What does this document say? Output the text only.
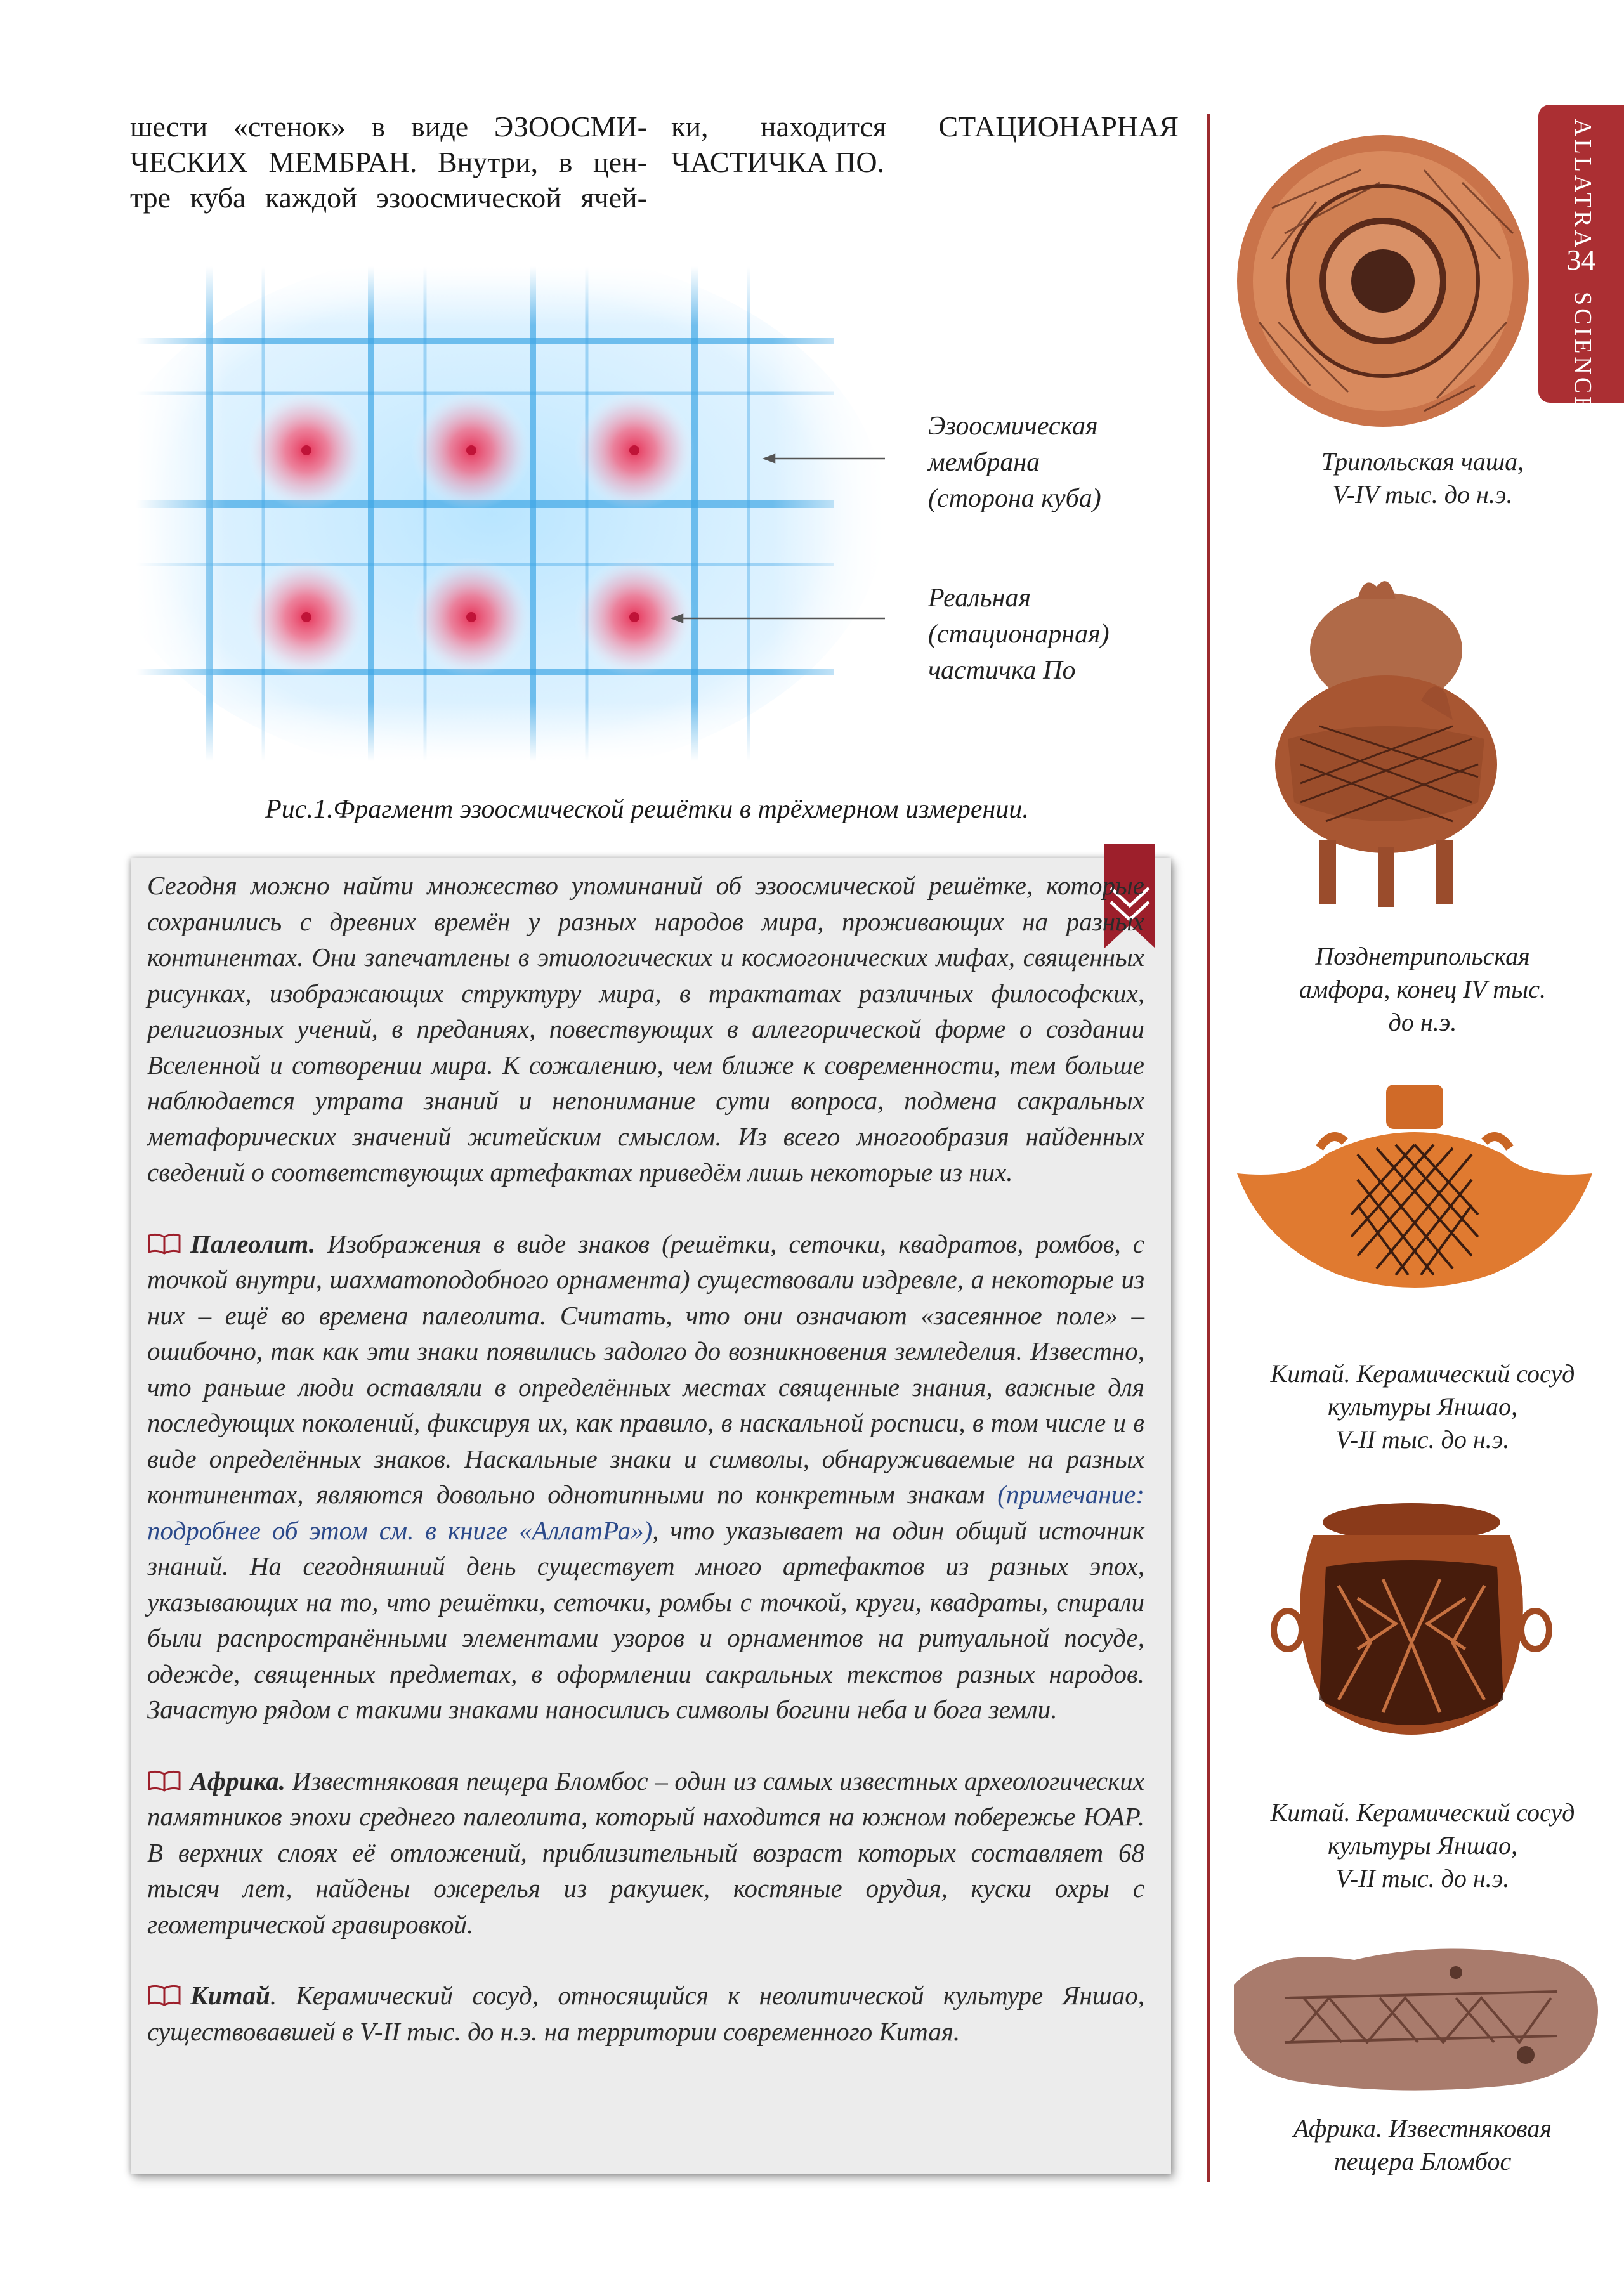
шести «стенок» в виде ЭЗООСМИ-
ЧЕСКИХ МЕМБРАН. Внутри, в цен-
тре куба каждой эзоосмической ячей-
ки, находится СТАЦИОНАРНАЯ
ЧАСТИЧКА ПО.
Эзоосмическая
мембрана
(сторона куба)
Реальная
(стационарная)
частичка По
Рис.1.Фрагмент эзоосмической решётки в трёхмерном измерении.
ALLATRA
SCIENCE
34

Сегодня можно найти множество упоминаний об эзоосмической решётке, которые сохранились с древних времён у разных народов мира, проживающих на разных континентах. Они запечатлены в этиологических и космогонических мифах, священных рисунках, изображающих структуру мира, в трактатах различных философских, религиозных учений, в преданиях, повествующих в аллегорической форме о создании Вселенной и сотворении мира. К сожалению, чем ближе к современности, тем больше наблюдается утрата знаний и непонимание сути вопроса, подмена сакральных метафорических значений житейским смыслом. Из всего многообразия найденных сведений о соответствующих артефактах приведём лишь некоторые из них.

Палеолит. Изображения в виде знаков (решётки, сеточки, квадратов, ромбов, с точкой внутри, шахматоподобного орнамента) существовали издревле, а некоторые из них – ещё во времена палеолита. Считать, что они означают «засеянное поле» – ошибочно, так как эти знаки появились задолго до возникновения земледелия. Известно, что раньше люди оставляли в определённых местах священные знания, важные для последующих поколений, фиксируя их, как правило, в наскальной росписи, в том числе и в виде определённых знаков. Наскальные знаки и символы, обнаруживаемые на разных континентах, являются довольно однотипными по конкретным знакам (примечание: подробнее об этом см. в книге «АллатРа»), что указывает на один общий источник знаний. На сегодняшний день существует много артефактов из разных эпох, указывающих на то, что решётки, сеточки, ромбы с точкой, круги, квадраты, спирали были распространёнными элементами узоров и орнаментов на ритуальной посуде, одежде, священных предметах, в оформлении сакральных текстов разных народов. Зачастую рядом с такими знаками наносились символы богини неба и бога земли.

Африка. Известняковая пещера Бломбос – один из самых известных археологических памятников эпохи среднего палеолита, который находится на южном побережье ЮАР. В верхних слоях её отложений, приблизительный возраст которых составляет 68 тысяч лет, найдены ожерелья из ракушек, костяные орудия, куски охры с геометрической гравировкой.

Китай. Керамический сосуд, относящийся к неолитической культуре Яншао, существовавшей в V-II тыс. до н.э. на территории современного Китая.

Трипольская чаша,
V-IV тыс. до н.э.
Позднетрипольская
амфора, конец IV тыс.
до н.э.
Китай. Керамический сосуд
культуры Яншао,
V-II тыс. до н.э.
Китай. Керамический сосуд
культуры Яншао,
V-II тыс. до н.э.
Африка. Известняковая
пещера Бломбос
